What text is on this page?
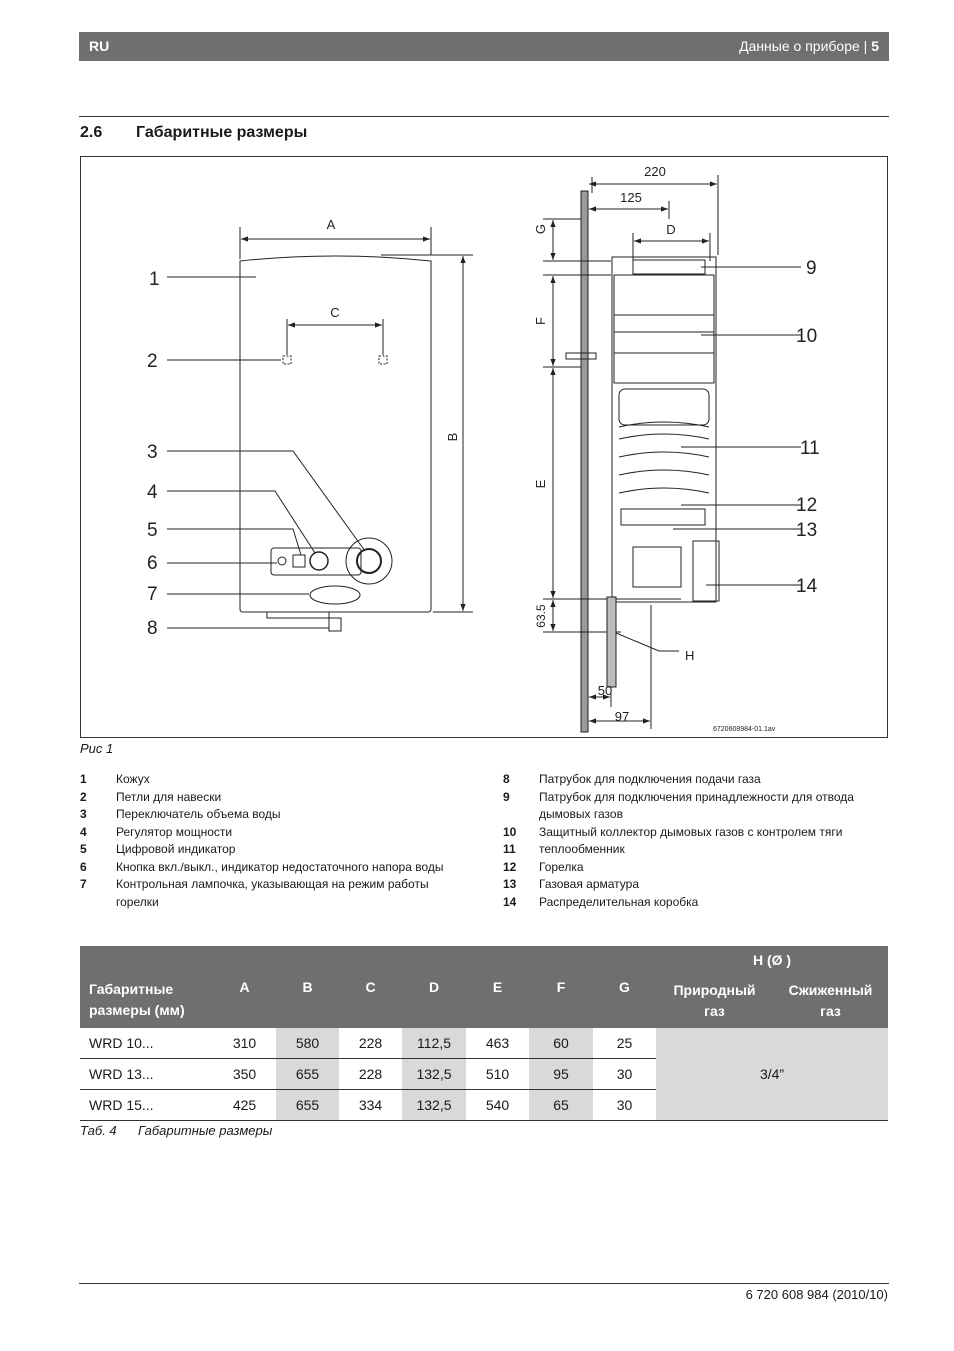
RU	Данные о приборе | 5
2.6 Габаритные размеры
A
C
B
220
125
D
G
F
E
63.5
H
50
97
1
2
3
4
5
6
7
8
9
10
11
12
13
14
6720608984-01.1av
Рис 1
1	Кожух
2	Петли для навески
3	Переключатель объема воды
4	Регулятор мощности
5	Цифровой индикатор
6	Кнопка вкл./выкл., индикатор недостаточного напора воды
7	Контрольная лампочка, указывающая на режим работы горелки
8	Патрубок для подключения подачи газа
9	Патрубок для подключения принадлежности для отвода дымовых газов
10	Защитный коллектор дымовых газов с контролем тяги
11	теплообменник
12	Горелка
13	Газовая арматура
14	Распределительная коробка
Габаритные размеры (мм)	A	B	C	D	E	F	G	H (Ø )	
								Природный газ	Сжиженный газ
WRD 10...	310	580	228	112,5	463	60	25	3/4”	
WRD 13...	350	655	228	132,5	510	95	30		
WRD 15...	425	655	334	132,5	540	65	30		
Таб. 4 Габаритные размеры
6 720 608 984 (2010/10)
